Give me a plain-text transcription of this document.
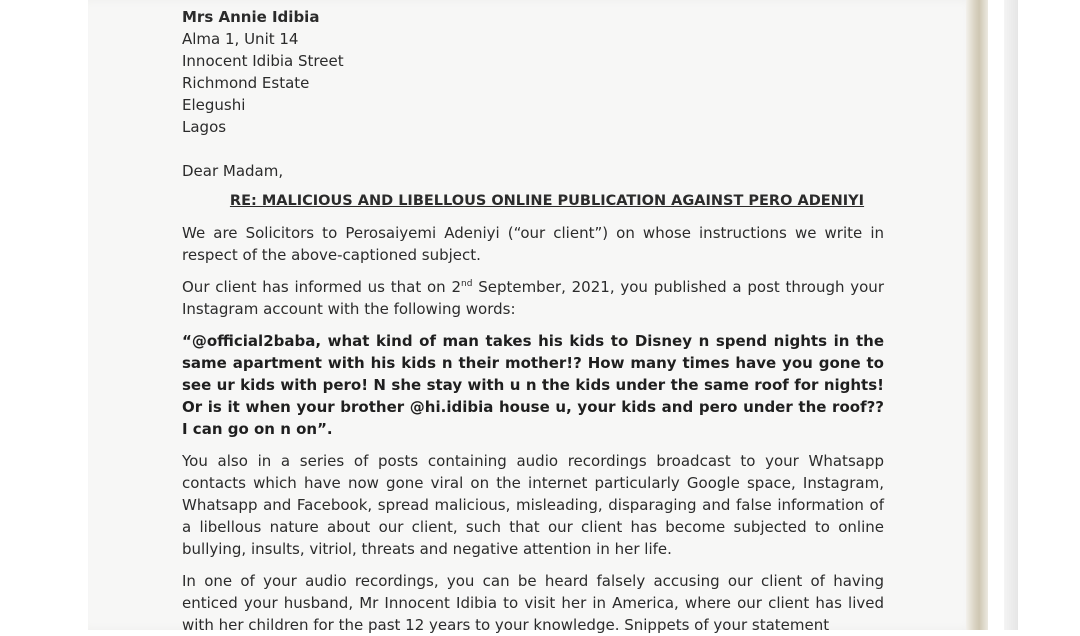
Mrs Annie Idibia
Alma 1, Unit 14
Innocent Idibia Street
Richmond Estate
Elegushi
Lagos
Dear Madam,
RE: MALICIOUS AND LIBELLOUS ONLINE PUBLICATION AGAINST PERO ADENIYI

We are Solicitors to Perosaiyemi Adeniyi (“our client”) on whose instructions we write in respect of the above-captioned subject.

Our client has informed us that on 2nd September, 2021, you published a post through your Instagram account with the following words:

“@official2baba, what kind of man takes his kids to Disney n spend nights in the same apartment with his kids n their mother!? How many times have you gone to see ur kids with pero! N she stay with u n the kids under the same roof for nights! Or is it when your brother @hi.idibia house u, your kids and pero under the roof?? I can go on n on”.

You also in a series of posts containing audio recordings broadcast to your Whatsapp contacts which have now gone viral on the internet particularly Google space, Instagram, Whatsapp and Facebook, spread malicious, misleading, disparaging and false information of a libellous nature about our client, such that our client has become subjected to online bullying, insults, vitriol, threats and negative attention in her life.

In one of your audio recordings, you can be heard falsely accusing our client of having enticed your husband, Mr Innocent Idibia to visit her in America, where our client has lived with her children for the past 12 years to your knowledge. Snippets of your statement
